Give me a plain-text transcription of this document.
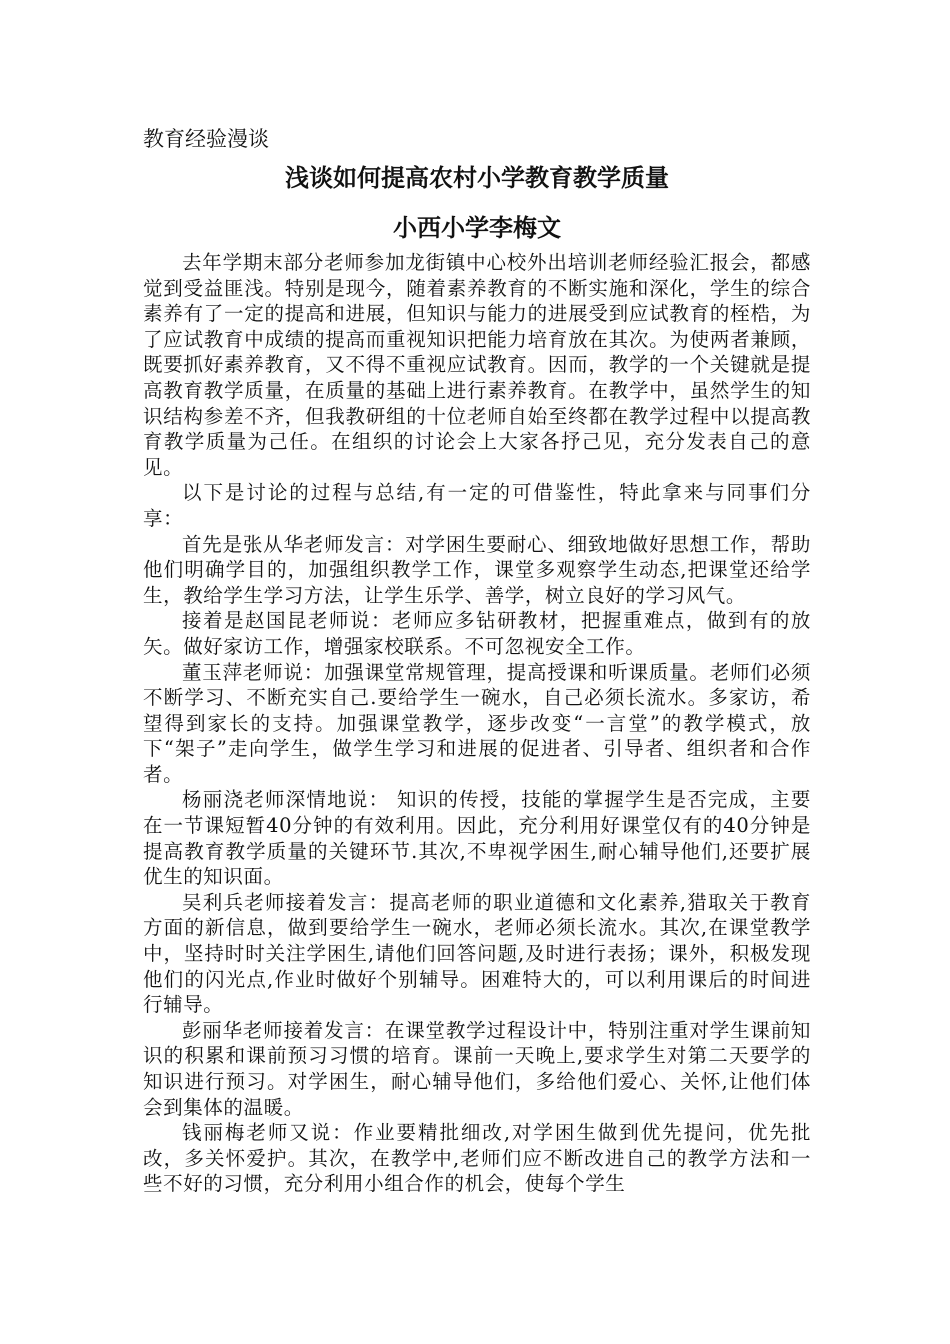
教育经验漫谈
浅谈如何提高农村小学教育教学质量
小西小学李梅文

去年学期末部分老师参加龙街镇中心校外出培训老师经验汇报会，都感觉到受益匪浅。特别是现今，随着素养教育的不断实施和深化，学生的综合素养有了一定的提高和进展，但知识与能力的进展受到应试教育的桎梏，为了应试教育中成绩的提高而重视知识把能力培育放在其次。为使两者兼顾，既要抓好素养教育，又不得不重视应试教育。因而，教学的一个关键就是提高教育教学质量，在质量的基础上进行素养教育。在教学中，虽然学生的知识结构参差不齐，但我教研组的十位老师自始至终都在教学过程中以提高教育教学质量为己任。在组织的讨论会上大家各抒己见，充分发表自己的意见。

以下是讨论的过程与总结,有一定的可借鉴性，特此拿来与同事们分享：

首先是张从华老师发言：对学困生要耐心、细致地做好思想工作，帮助他们明确学目的，加强组织教学工作，课堂多观察学生动态,把课堂还给学生，教给学生学习方法，让学生乐学、善学，树立良好的学习风气。

接着是赵国昆老师说：老师应多钻研教材，把握重难点，做到有的放矢。做好家访工作，增强家校联系。不可忽视安全工作。

董玉萍老师说：加强课堂常规管理，提高授课和听课质量。老师们必须不断学习、不断充实自己.要给学生一碗水，自己必须长流水。多家访，希望得到家长的支持。加强课堂教学，逐步改变“一言堂”的教学模式，放下“架子”走向学生，做学生学习和进展的促进者、引导者、组织者和合作者。

杨丽浇老师深情地说： 知识的传授，技能的掌握学生是否完成，主要在一节课短暂40分钟的有效利用。因此，充分利用好课堂仅有的40分钟是提高教育教学质量的关键环节.其次,不卑视学困生,耐心辅导他们,还要扩展优生的知识面。

吴利兵老师接着发言：提高老师的职业道德和文化素养,猎取关于教育方面的新信息，做到要给学生一碗水，老师必须长流水。其次,在课堂教学中，坚持时时关注学困生,请他们回答问题,及时进行表扬；课外，积极发现他们的闪光点,作业时做好个别辅导。困难特大的，可以利用课后的时间进行辅导。

彭丽华老师接着发言：在课堂教学过程设计中，特别注重对学生课前知识的积累和课前预习习惯的培育。课前一天晚上,要求学生对第二天要学的知识进行预习。对学困生，耐心辅导他们，多给他们爱心、关怀,让他们体会到集体的温暖。

钱丽梅老师又说：作业要精批细改,对学困生做到优先提问，优先批改，多关怀爱护。其次，在教学中,老师们应不断改进自己的教学方法和一些不好的习惯，充分利用小组合作的机会，使每个学生
